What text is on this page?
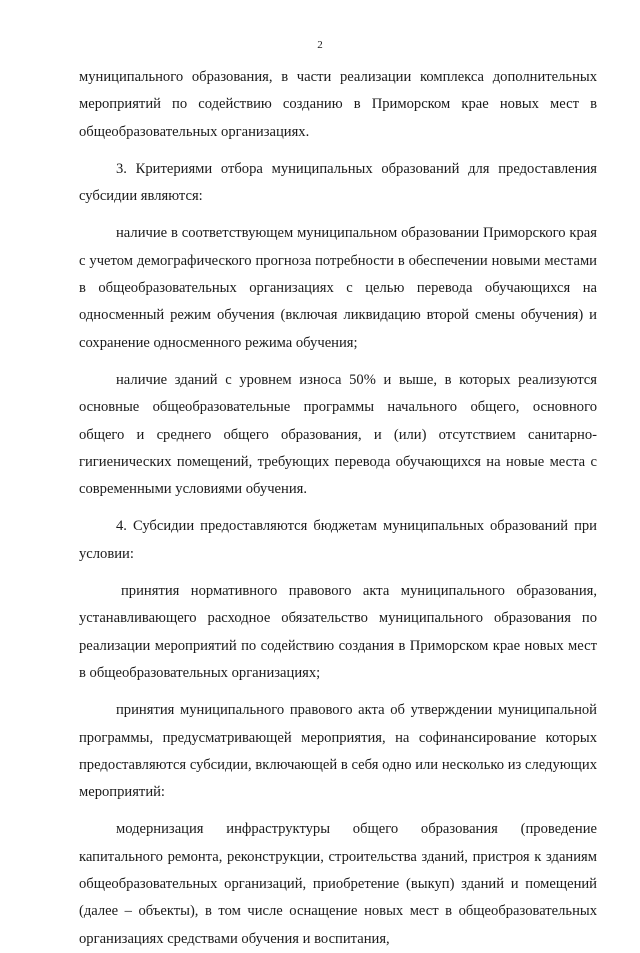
2

муниципального образования, в части реализации комплекса дополнительных мероприятий по содействию созданию в Приморском крае новых мест в общеобразовательных организациях.

3. Критериями отбора муниципальных образований для предоставления субсидии являются:

наличие в соответствующем муниципальном образовании Приморского края с учетом демографического прогноза потребности в обеспечении новыми местами в общеобразовательных организациях с целью перевода обучающихся на односменный режим обучения (включая ликвидацию второй смены обучения) и сохранение односменного режима обучения;

наличие зданий с уровнем износа 50% и выше, в которых реализуются основные общеобразовательные программы начального общего, основного общего и среднего общего образования, и (или) отсутствием санитарно-гигиенических помещений, требующих перевода обучающихся на новые места с современными условиями обучения.

4. Субсидии предоставляются бюджетам муниципальных образований при условии:

принятия нормативного правового акта муниципального образования, устанавливающего расходное обязательство муниципального образования по реализации мероприятий по содействию создания в Приморском крае новых мест в общеобразовательных организациях;

принятия муниципального правового акта об утверждении муниципальной программы, предусматривающей мероприятия, на софинансирование которых предоставляются субсидии, включающей в себя одно или несколько из следующих мероприятий:

модернизация инфраструктуры общего образования (проведение капитального ремонта, реконструкции, строительства зданий, пристроя к зданиям общеобразовательных организаций, приобретение (выкуп) зданий и помещений (далее – объекты), в том числе оснащение новых мест в общеобразовательных организациях средствами обучения и воспитания,
